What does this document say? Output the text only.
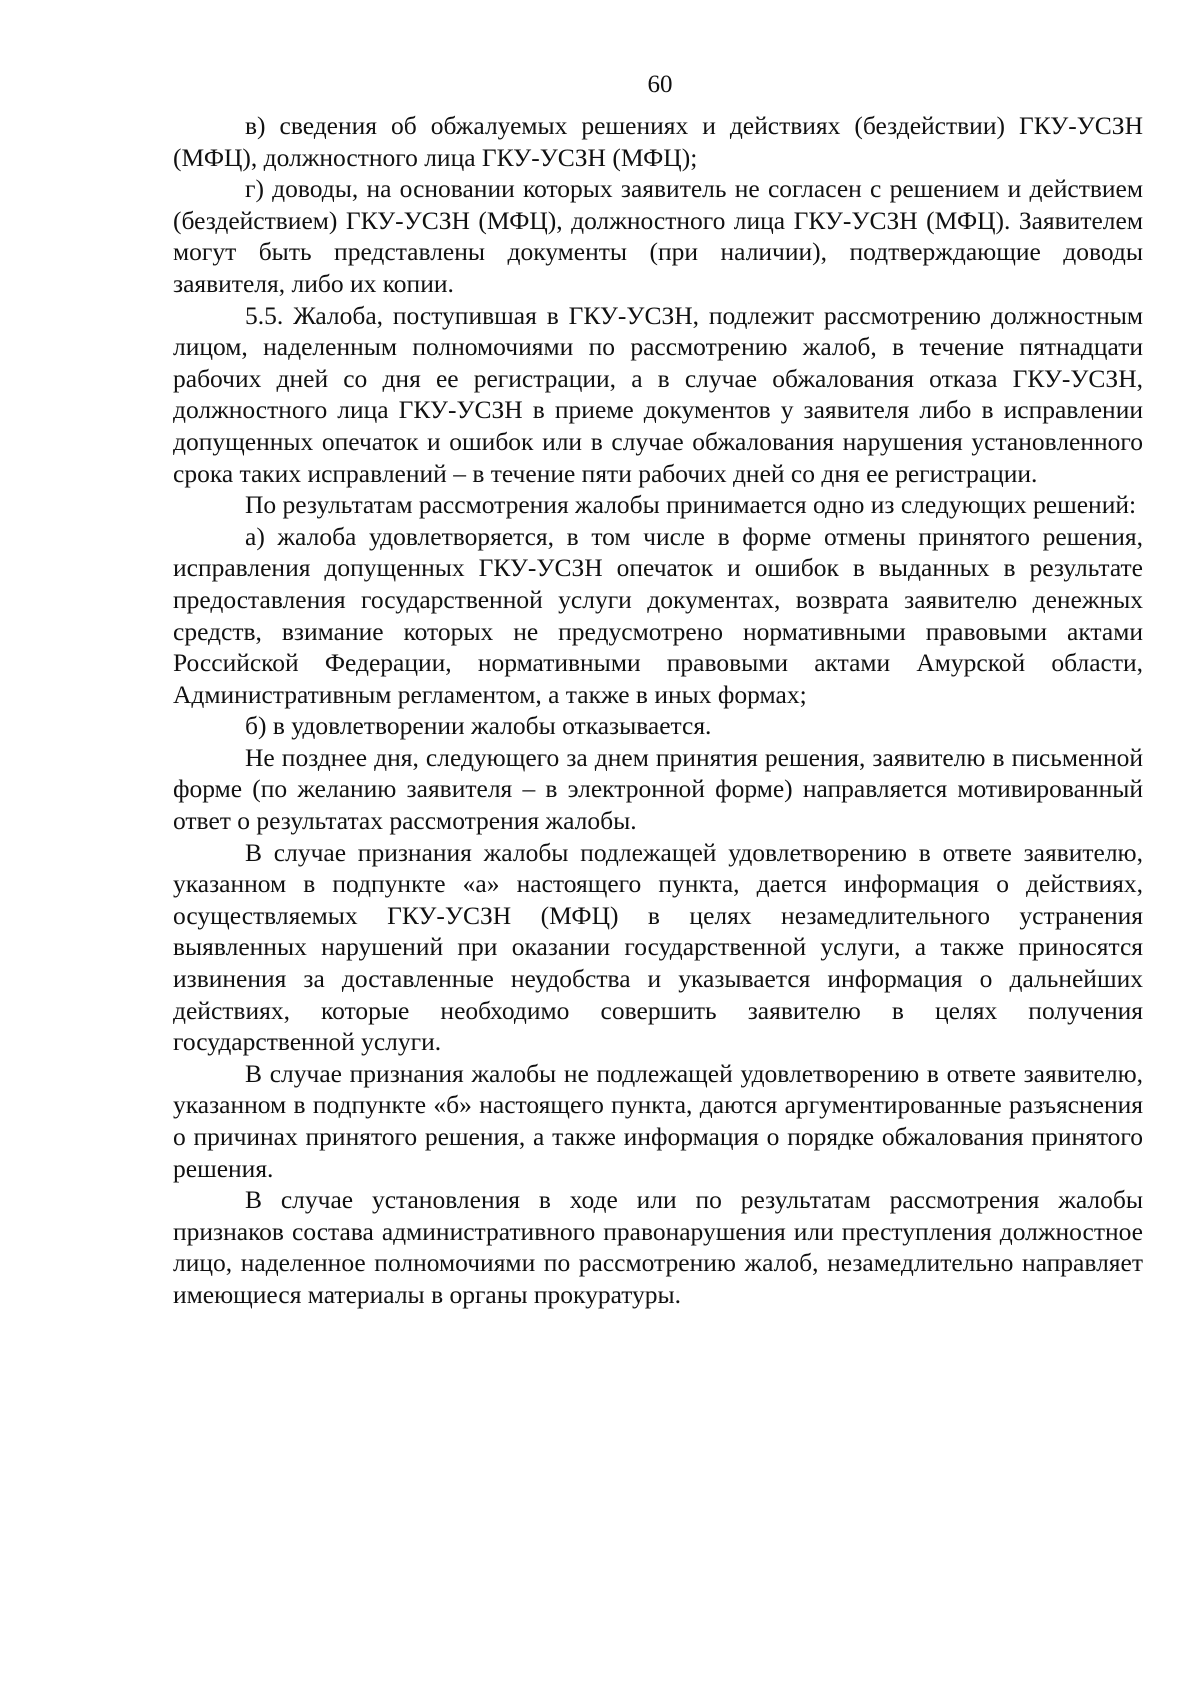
60

в) сведения об обжалуемых решениях и действиях (бездействии) ГКУ-УСЗН (МФЦ), должностного лица ГКУ-УСЗН (МФЦ);

г) доводы, на основании которых заявитель не согласен с решением и действием (бездействием) ГКУ-УСЗН (МФЦ), должностного лица ГКУ-УСЗН (МФЦ). Заявителем могут быть представлены документы (при наличии), подтверждающие доводы заявителя, либо их копии.

5.5. Жалоба, поступившая в ГКУ-УСЗН, подлежит рассмотрению должностным лицом, наделенным полномочиями по рассмотрению жалоб, в течение пятнадцати рабочих дней со дня ее регистрации, а в случае обжалования отказа ГКУ-УСЗН, должностного лица ГКУ-УСЗН в приеме документов у заявителя либо в исправлении допущенных опечаток и ошибок или в случае обжалования нарушения установленного срока таких исправлений – в течение пяти рабочих дней со дня ее регистрации.

По результатам рассмотрения жалобы принимается одно из следующих решений:

а) жалоба удовлетворяется, в том числе в форме отмены принятого решения, исправления допущенных ГКУ-УСЗН опечаток и ошибок в выданных в результате предоставления государственной услуги документах, возврата заявителю денежных средств, взимание которых не предусмотрено нормативными правовыми актами Российской Федерации, нормативными правовыми актами Амурской области, Административным регламентом, а также в иных формах;

б) в удовлетворении жалобы отказывается.

Не позднее дня, следующего за днем принятия решения, заявителю в письменной форме (по желанию заявителя – в электронной форме) направляется мотивированный ответ о результатах рассмотрения жалобы.

В случае признания жалобы подлежащей удовлетворению в ответе заявителю, указанном в подпункте «а» настоящего пункта, дается информация о действиях, осуществляемых ГКУ-УСЗН (МФЦ) в целях незамедлительного устранения выявленных нарушений при оказании государственной услуги, а также приносятся извинения за доставленные неудобства и указывается информация о дальнейших действиях, которые необходимо совершить заявителю в целях получения государственной услуги.

В случае признания жалобы не подлежащей удовлетворению в ответе заявителю, указанном в подпункте «б» настоящего пункта, даются аргументированные разъяснения о причинах принятого решения, а также информация о порядке обжалования принятого решения.

В случае установления в ходе или по результатам рассмотрения жалобы признаков состава административного правонарушения или преступления должностное лицо, наделенное полномочиями по рассмотрению жалоб, незамедлительно направляет имеющиеся материалы в органы прокуратуры.
